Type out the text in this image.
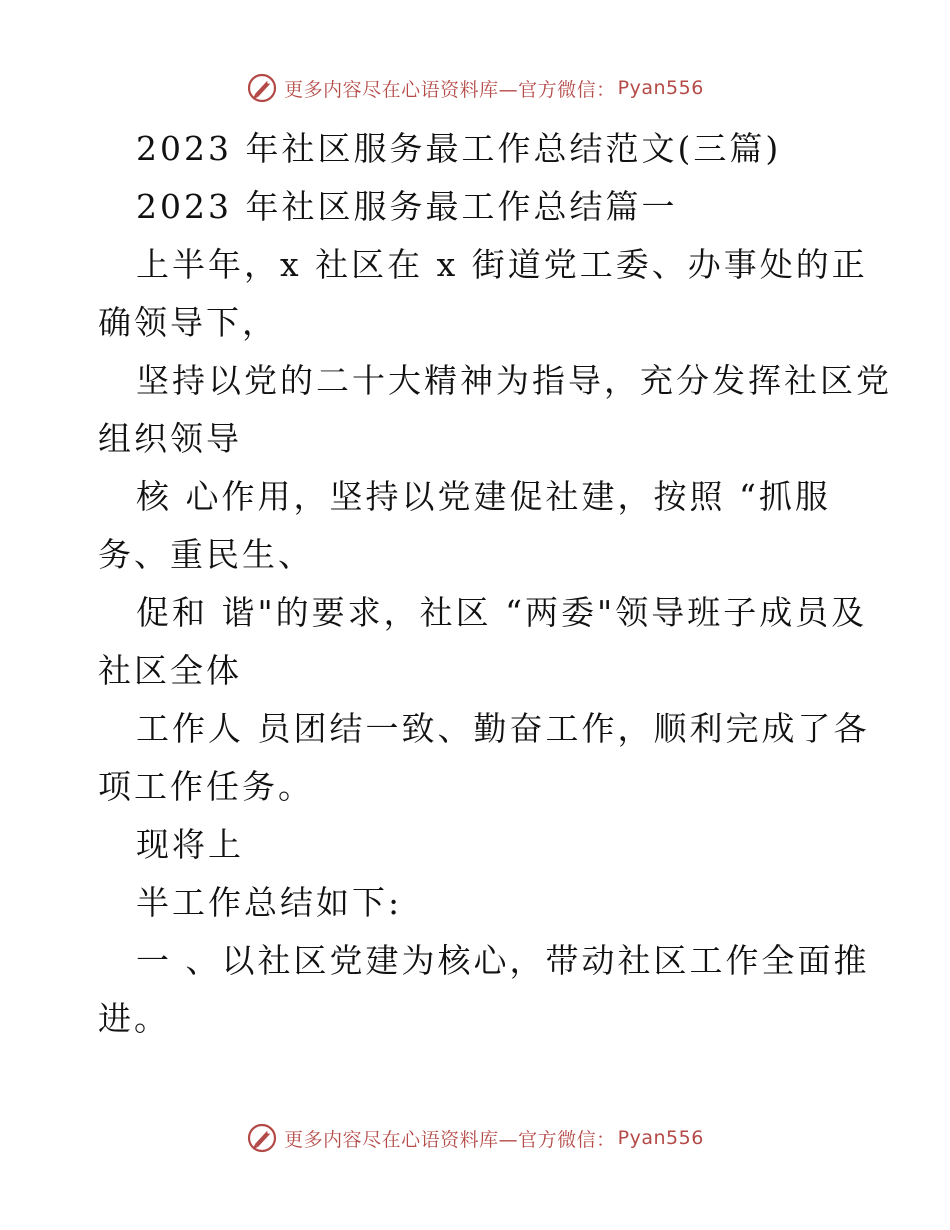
更多内容尽在心语资料库—官方微信： Pyan556
2023 年社区服务最工作总结范文(三篇)
2023 年社区服务最工作总结篇一
上半年，x 社区在 x 街道党工委、办事处的正
确领导下，
坚持以党的二十大精神为指导，充分发挥社区党
组织领导
核 心作用，坚持以党建促社建，按照 “抓服
务、重民生、
促和 谐"的要求，社区 “两委"领导班子成员及
社区全体
工作人 员团结一致、勤奋工作，顺利完成了各
项工作任务。
现将上
半工作总结如下:
一 、以社区党建为核心，带动社区工作全面推
进。
更多内容尽在心语资料库—官方微信： Pyan556
